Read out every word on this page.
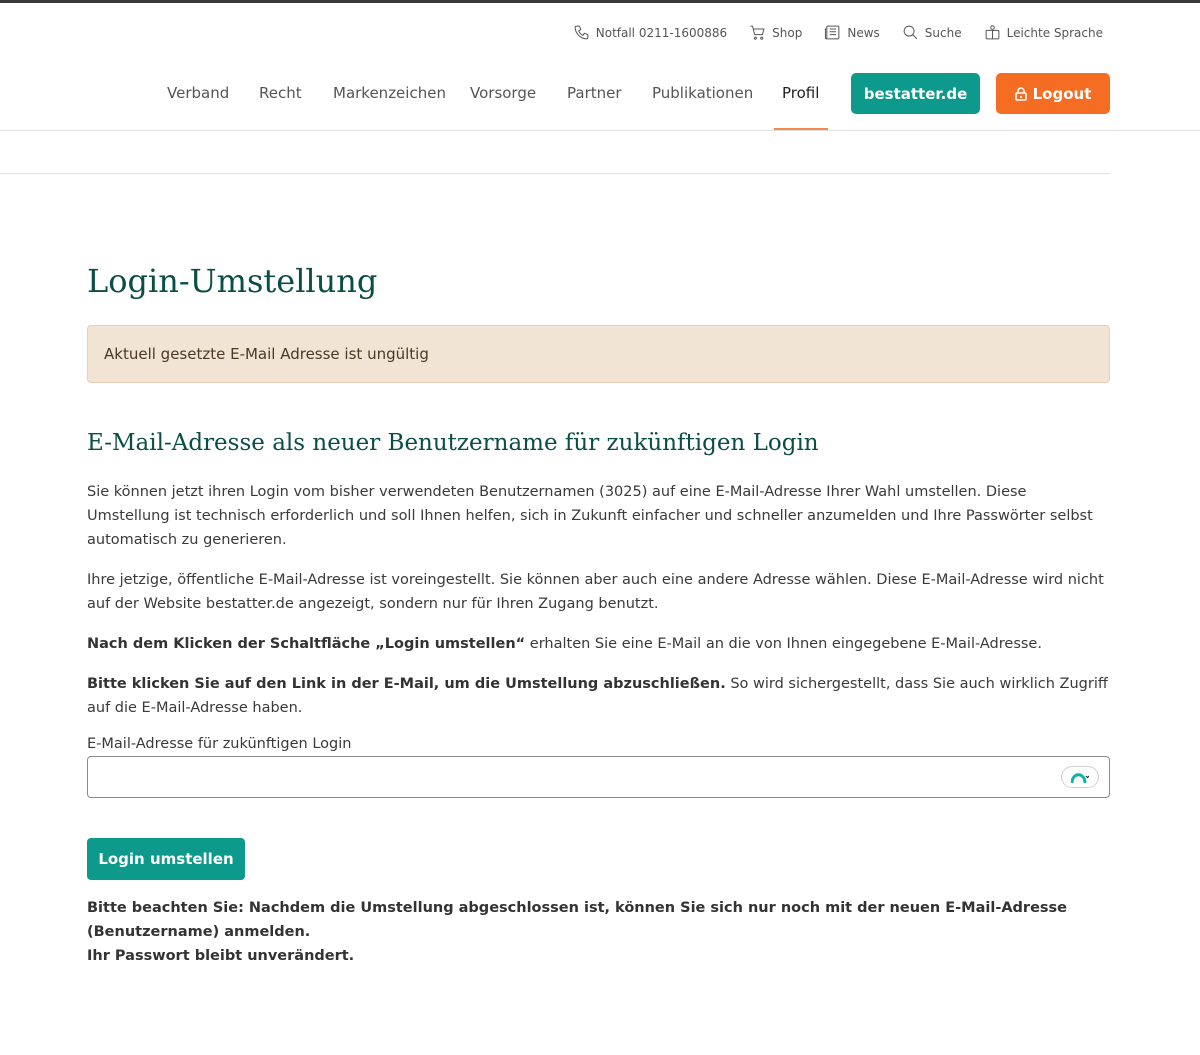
Notfall 0211-1600886	Shop	News	Suche	Leichte Sprache
Verband Recht Markenzeichen Vorsorge Partner Publikationen Profil	bestatter.de	Logout
Login-Umstellung
Aktuell gesetzte E-Mail Adresse ist ungültig
E-Mail-Adresse als neuer Benutzername für zukünftigen Login

Sie können jetzt ihren Login vom bisher verwendeten Benutzernamen (3025) auf eine E-Mail-Adresse Ihrer Wahl umstellen. Diese Umstellung ist technisch erforderlich und soll Ihnen helfen, sich in Zukunft einfacher und schneller anzumelden und Ihre Passwörter selbst automatisch zu generieren.

Ihre jetzige, öffentliche E-Mail-Adresse ist voreingestellt. Sie können aber auch eine andere Adresse wählen. Diese E-Mail-Adresse wird nicht auf der Website bestatter.de angezeigt, sondern nur für Ihren Zugang benutzt.

Nach dem Klicken der Schaltfläche „Login umstellen“ erhalten Sie eine E-Mail an die von Ihnen eingegebene E-Mail-Adresse.

Bitte klicken Sie auf den Link in der E-Mail, um die Umstellung abzuschließen. So wird sichergestellt, dass Sie auch wirklich Zugriff auf die E-Mail-Adresse haben.

E-Mail-Adresse für zukünftigen Login
Login umstellen

Bitte beachten Sie: Nachdem die Umstellung abgeschlossen ist, können Sie sich nur noch mit der neuen E-Mail-Adresse (Benutzername) anmelden.
Ihr Passwort bleibt unverändert.
